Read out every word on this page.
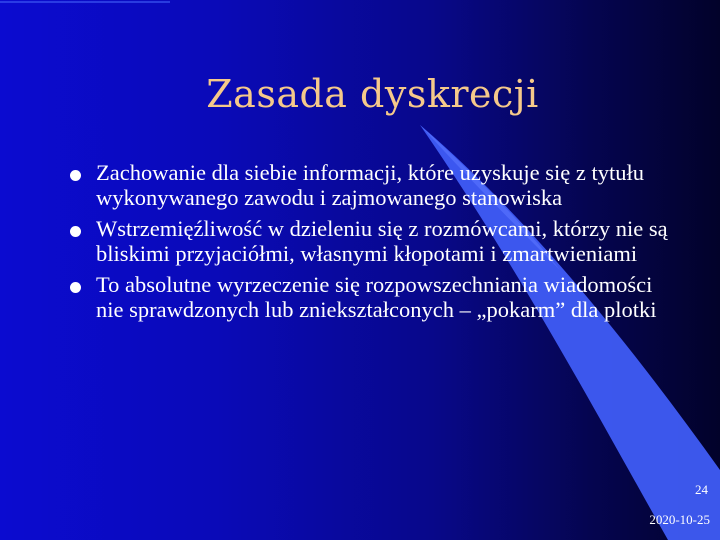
Zasada dyskrecji
Zachowanie dla siebie informacji, które uzyskuje się z tytułu wykonywanego zawodu i zajmowanego stanowiska
Wstrzemięźliwość w dzieleniu się z rozmówcami, którzy nie są bliskimi przyjaciółmi, własnymi kłopotami i zmartwieniami
To absolutne wyrzeczenie się rozpowszechniania wiadomości nie sprawdzonych lub zniekształconych – „pokarm” dla plotki
24
2020-10-25
